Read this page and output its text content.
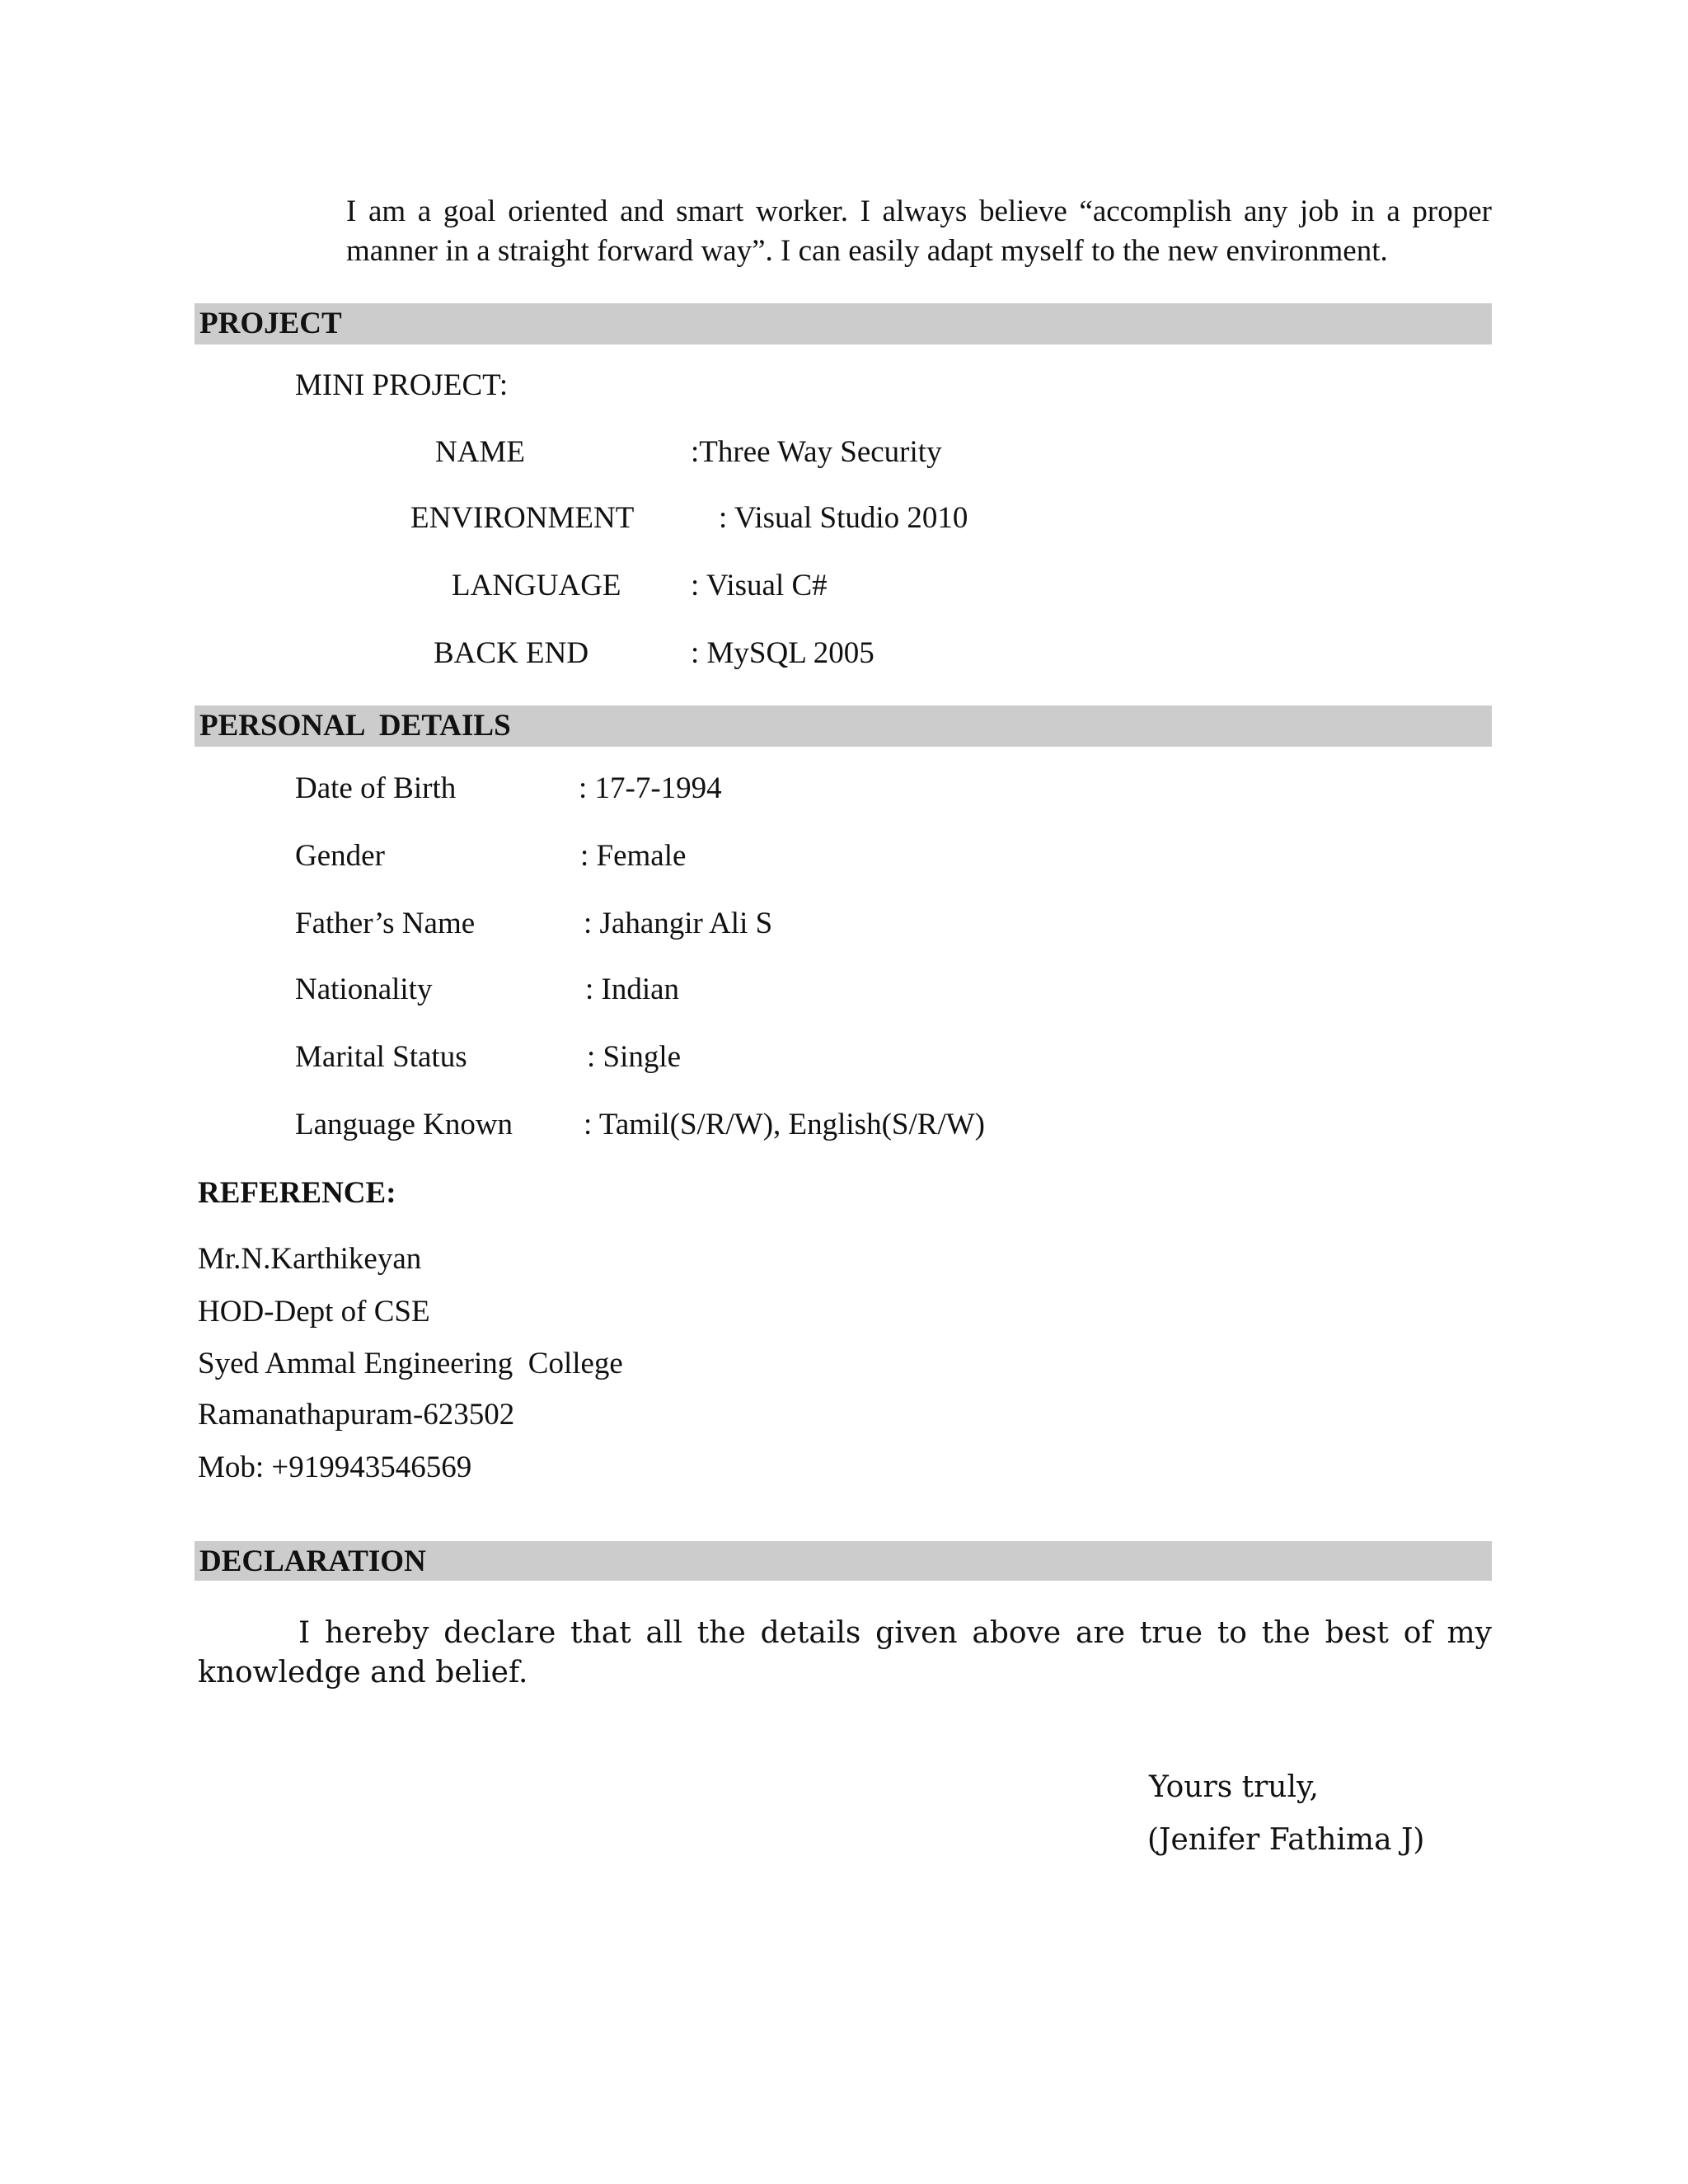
I am a goal oriented and smart worker. I always believe “accomplish any job in a proper manner in a straight forward way”. I can easily adapt myself to the new environment.
PROJECT
MINI PROJECT:
NAME	:Three Way Security
ENVIRONMENT	: Visual Studio 2010
LANGUAGE : Visual C#
BACK END	: MySQL 2005
PERSONAL  DETAILS
Date of Birth	: 17-7-1994
Gender	: Female
Father’s Name	: Jahangir Ali S
Nationality	: Indian
Marital Status	: Single
Language Known : Tamil(S/R/W), English(S/R/W)
REFERENCE:
Mr.N.Karthikeyan
HOD-Dept of CSE
Syed Ammal Engineering  College
Ramanathapuram-623502
Mob: +919943546569
DECLARATION
I hereby declare that all the details given above are true to the best of my knowledge and belief.
Yours truly,
(Jenifer Fathima J)
